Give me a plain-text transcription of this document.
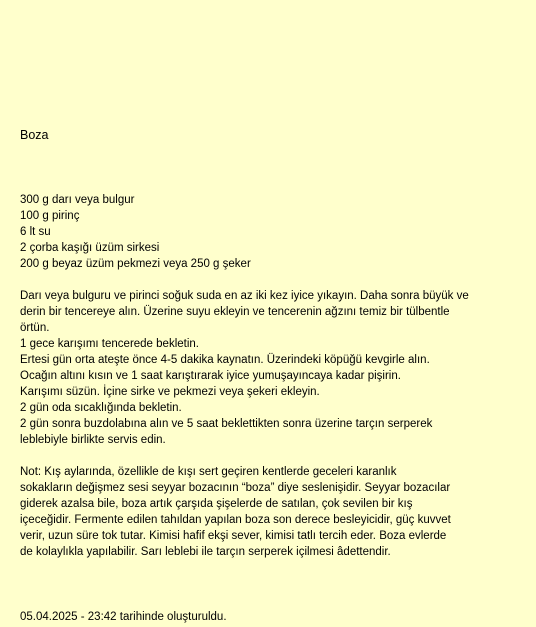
Boza
300 g darı veya bulgur
100 g pirinç
6 lt su
2 çorba kaşığı üzüm sirkesi
200 g beyaz üzüm pekmezi veya 250 g şeker
Darı veya bulguru ve pirinci soğuk suda en az iki kez iyice yıkayın. Daha sonra büyük ve
derin bir tencereye alın. Üzerine suyu ekleyin ve tencerenin ağzını temiz bir tülbentle
örtün.
1 gece karışımı tencerede bekletin.
Ertesi gün orta ateşte önce 4-5 dakika kaynatın. Üzerindeki köpüğü kevgirle alın.
Ocağın altını kısın ve 1 saat karıştırarak iyice yumuşayıncaya kadar pişirin.
Karışımı süzün. İçine sirke ve pekmezi veya şekeri ekleyin.
2 gün oda sıcaklığında bekletin.
2 gün sonra buzdolabına alın ve 5 saat beklettikten sonra üzerine tarçın serperek
leblebiyle birlikte servis edin.
Not: Kış aylarında, özellikle de kışı sert geçiren kentlerde geceleri karanlık
sokakların değişmez sesi seyyar bozacının “boza” diye seslenişidir. Seyyar bozacılar
giderek azalsa bile, boza artık çarşıda şişelerde de satılan, çok sevilen bir kış
içeceğidir. Fermente edilen tahıldan yapılan boza son derece besleyicidir, güç kuvvet
verir, uzun süre tok tutar. Kimisi hafif ekşi sever, kimisi tatlı tercih eder. Boza evlerde
de kolaylıkla yapılabilir. Sarı leblebi ile tarçın serperek içilmesi âdettendir.
05.04.2025 - 23:42 tarihinde oluşturuldu.
